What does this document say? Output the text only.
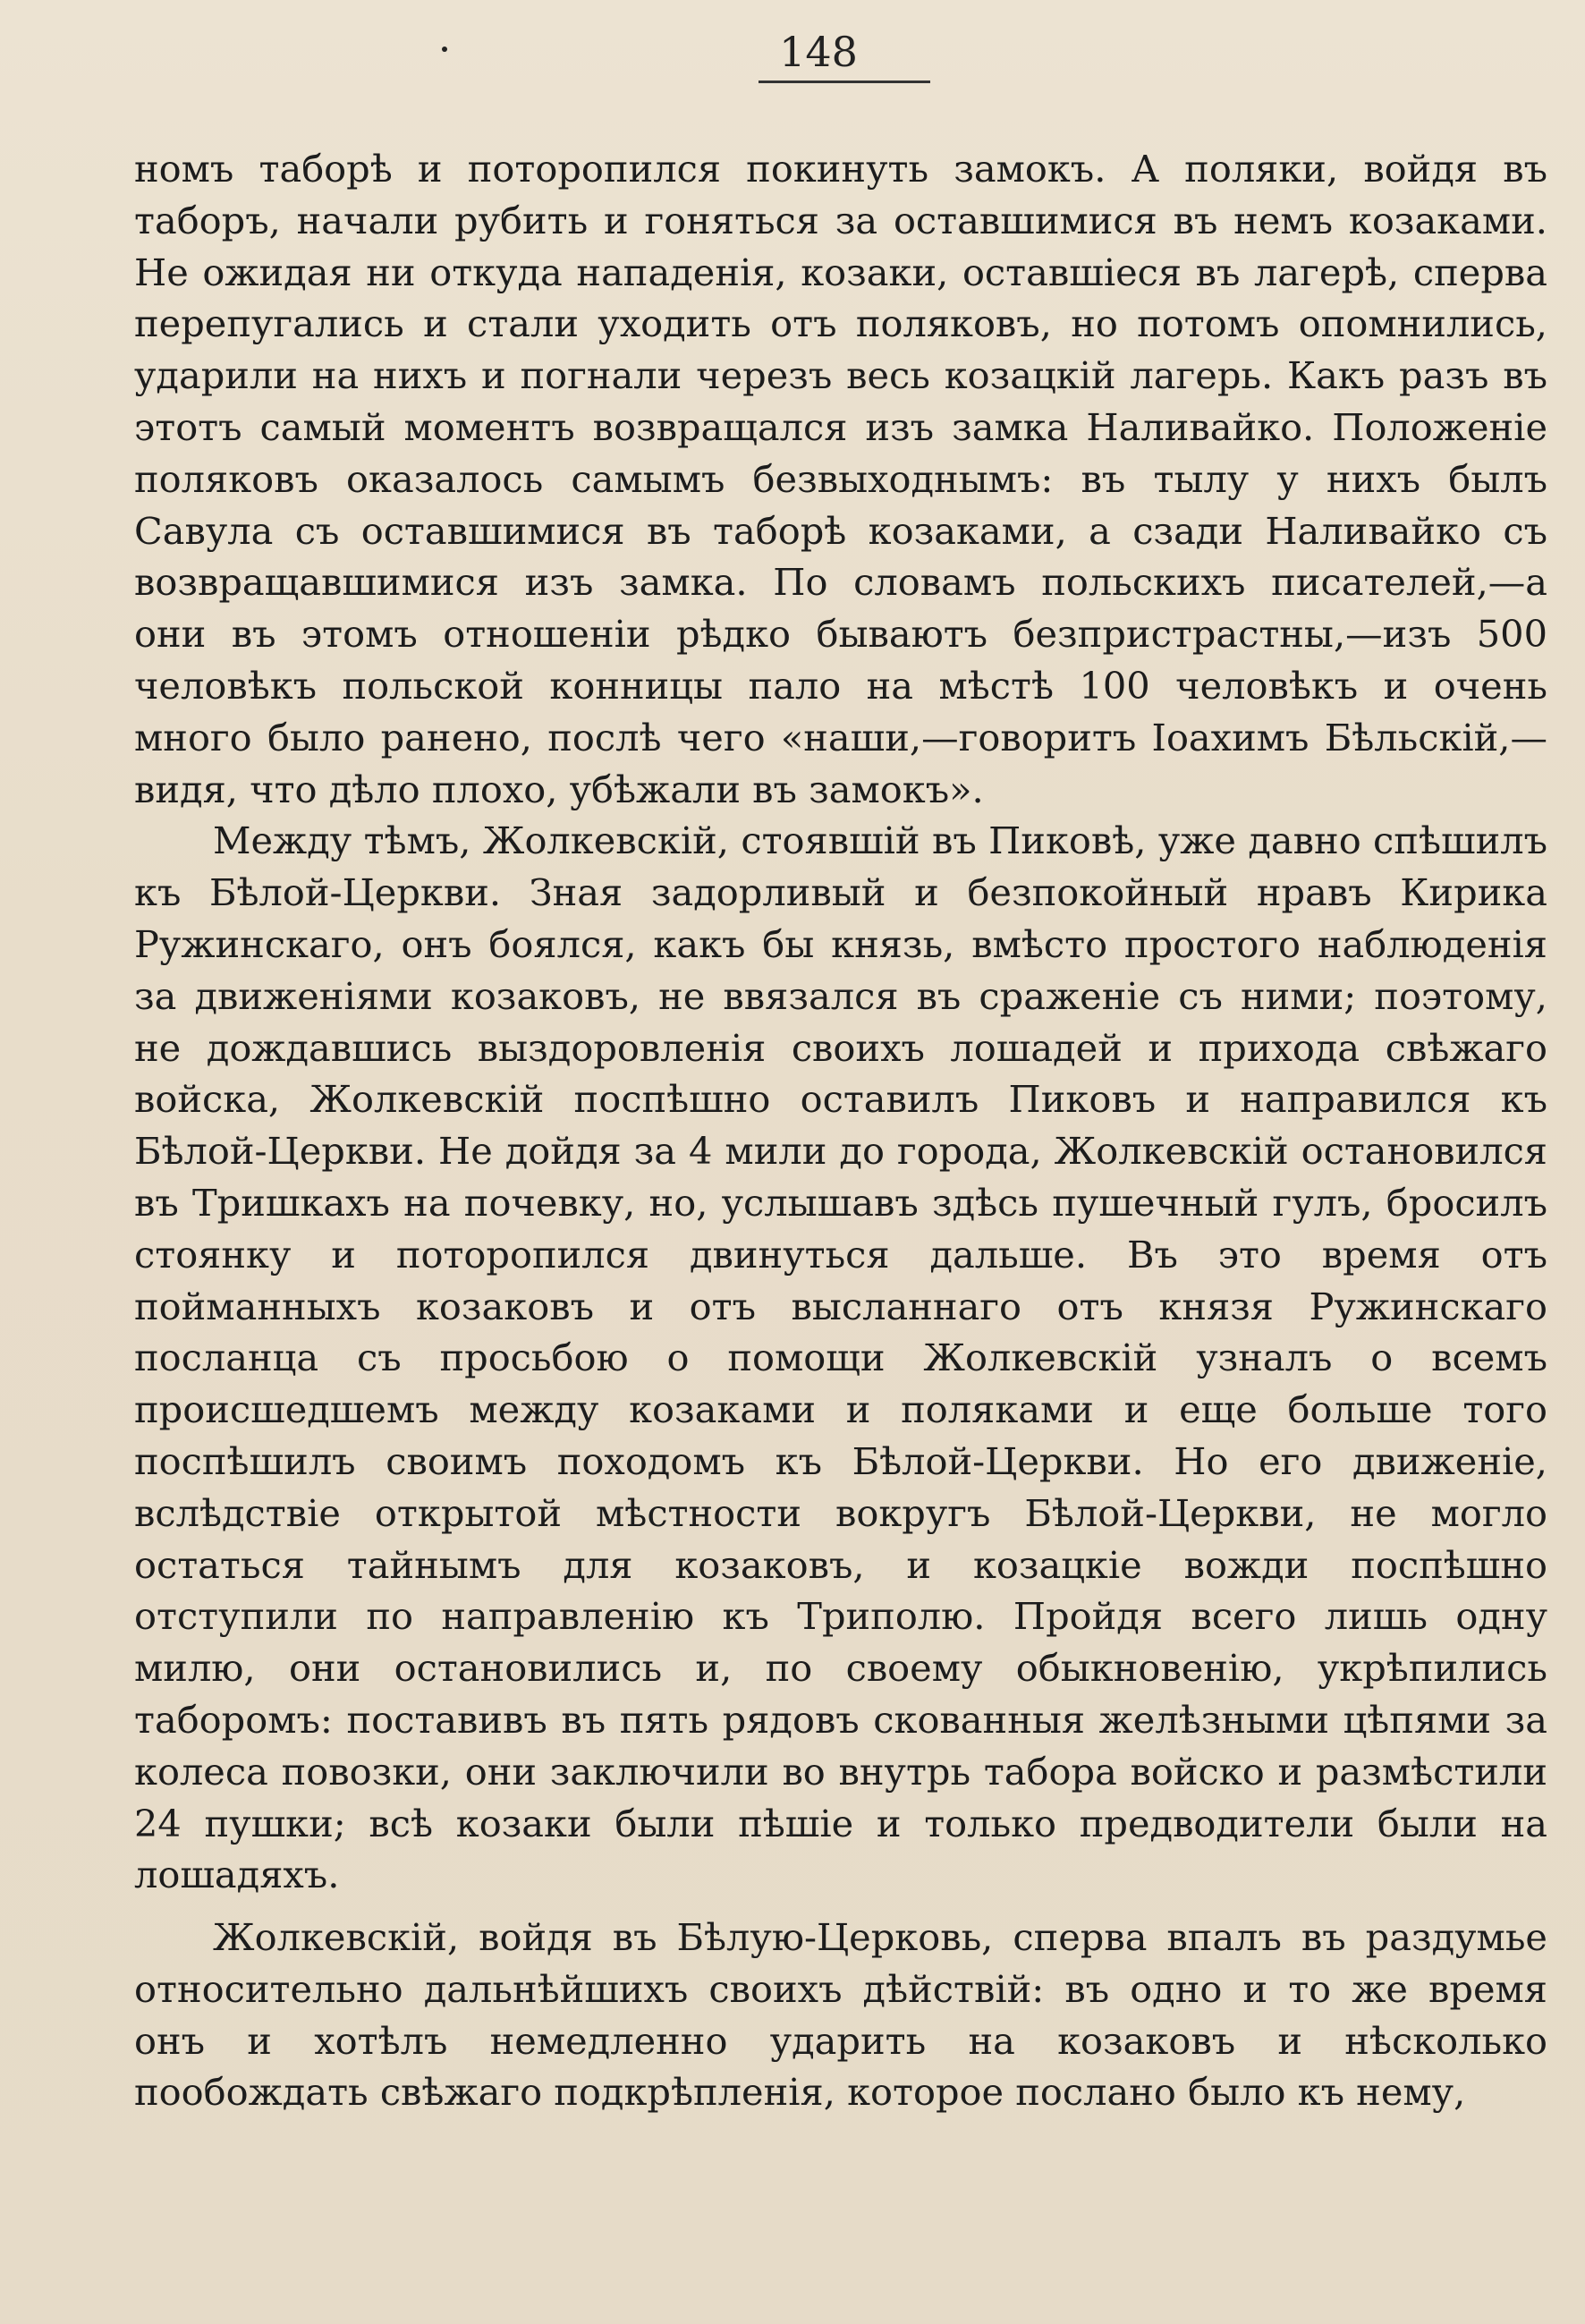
148

номъ таборѣ и поторопился покинуть замокъ. А поляки, войдя въ таборъ, начали рубить и гоняться за оставшимися въ немъ козаками. Не ожидая ни откуда нападенія, козаки, оставшіеся въ лагерѣ, сперва перепугались и стали уходить отъ поляковъ, но потомъ опомнились, ударили на нихъ и погнали черезъ весь козацкій лагерь. Какъ разъ въ этотъ самый моментъ возвращался изъ замка Наливайко. Положеніе поляковъ оказалось самымъ безвыходнымъ: въ тылу у нихъ былъ Савула съ оставшимися въ таборѣ козаками, а сзади Наливайко съ возвращавшимися изъ замка. По словамъ польскихъ писателей,—а они въ этомъ отношеніи рѣдко бываютъ безпристрастны,—изъ 500 человѣкъ польской конницы пало на мѣстѣ 100 человѣкъ и очень много было ранено, послѣ чего «наши,—говоритъ Іоахимъ Бѣльскій,—видя, что дѣло плохо, убѣжали въ замокъ».

Между тѣмъ, Жолкевскій, стоявшій въ Пиковѣ, уже давно спѣшилъ къ Бѣлой-Церкви. Зная задорливый и безпокойный нравъ Кирика Ружинскаго, онъ боялся, какъ бы князь, вмѣсто простого наблюденія за движеніями козаковъ, не ввязался въ сраженіе съ ними; поэтому, не дождавшись выздоровленія своихъ лошадей и прихода свѣжаго войска, Жолкевскій поспѣшно оставилъ Пиковъ и направился къ Бѣлой-Церкви. Не дойдя за 4 мили до города, Жолкевскій остановился въ Тришкахъ на почевку, но, услышавъ здѣсь пушечный гулъ, бросилъ стоянку и поторопился двинуться дальше. Въ это время отъ пойманныхъ козаковъ и отъ высланнаго отъ князя Ружинскаго посланца съ просьбою о помощи Жолкевскій узналъ о всемъ происшедшемъ между козаками и поляками и еще больше того поспѣшилъ своимъ походомъ къ Бѣлой-Церкви. Но его движеніе, вслѣдствіе открытой мѣстности вокругъ Бѣлой-Церкви, не могло остаться тайнымъ для козаковъ, и козацкіе вожди поспѣшно отступили по направленію къ Триполю. Пройдя всего лишь одну милю, они остановились и, по своему обыкновенію, укрѣпились таборомъ: поставивъ въ пять рядовъ скованныя желѣзными цѣпями за колеса повозки, они заключили во внутрь табора войско и размѣстили 24 пушки; всѣ козаки были пѣшіе и только предводители были на лошадяхъ.

Жолкевскій, войдя въ Бѣлую-Церковь, сперва впалъ въ раздумье относительно дальнѣйшихъ своихъ дѣйствій: въ одно и то же время онъ и хотѣлъ немедленно ударить на козаковъ и нѣсколько пообождать свѣжаго подкрѣпленія, которое послано было къ нему,
